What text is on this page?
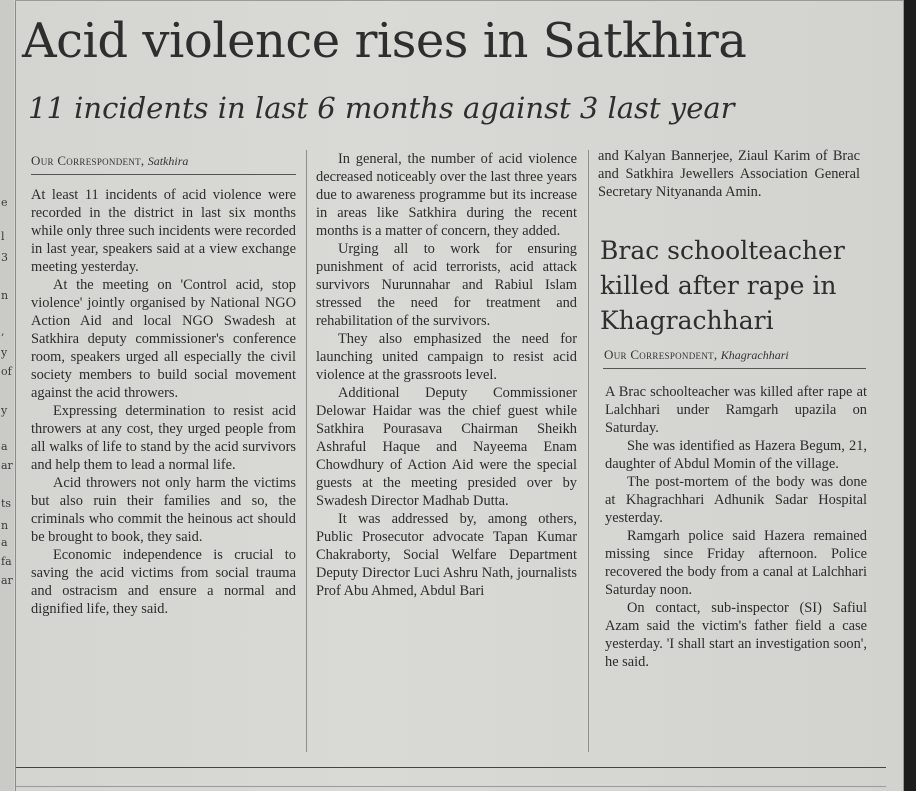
e
l
3
n
,
y
of
y
a
ar
ts
n
a
fa
ar
Acid violence rises in Satkhira
11 incidents in last 6 months against 3 last year
Our Correspondent, Satkhira

At least 11 incidents of acid violence were recorded in the district in last six months while only three such incidents were recorded in last year, speakers said at a view exchange meeting yesterday.

At the meeting on 'Control acid, stop violence' jointly organised by National NGO Action Aid and local NGO Swadesh at Satkhira deputy commissioner's conference room, speakers urged all especially the civil society members to build social movement against the acid throwers.

Expressing determination to resist acid throwers at any cost, they urged people from all walks of life to stand by the acid survivors and help them to lead a normal life.

Acid throwers not only harm the victims but also ruin their families and so, the criminals who commit the heinous act should be brought to book, they said.

Economic independence is crucial to saving the acid victims from social trauma and ostracism and ensure a normal and dignified life, they said.

In general, the number of acid violence decreased noticeably over the last three years due to awareness programme but its increase in areas like Satkhira during the recent months is a matter of concern, they added.

Urging all to work for ensuring punishment of acid terrorists, acid attack survivors Nurunnahar and Rabiul Islam stressed the need for treatment and rehabilitation of the survivors.

They also emphasized the need for launching united campaign to resist acid violence at the grassroots level.

Additional Deputy Commissioner Delowar Haidar was the chief guest while Satkhira Pourasava Chairman Sheikh Ashraful Haque and Nayeema Enam Chowdhury of Action Aid were the special guests at the meeting presided over by Swadesh Director Madhab Dutta.

It was addressed by, among others, Public Prosecutor advocate Tapan Kumar Chakraborty, Social Welfare Department Deputy Director Luci Ashru Nath, journalists Prof Abu Ahmed, Abdul Bari

and Kalyan Bannerjee, Ziaul Karim of Brac and Satkhira Jewellers Association General Secretary Nityananda Amin.

Brac schoolteacher killed after rape in Khagrachhari
Our Correspondent, Khagrachhari

A Brac schoolteacher was killed after rape at Lalchhari under Ramgarh upazila on Saturday.

She was identified as Hazera Begum, 21, daughter of Abdul Momin of the village.

The post-mortem of the body was done at Khagrachhari Adhunik Sadar Hospital yesterday.

Ramgarh police said Hazera remained missing since Friday afternoon. Police recovered the body from a canal at Lalchhari Saturday noon.

On contact, sub-inspector (SI) Safiul Azam said the victim's father field a case yesterday. 'I shall start an investigation soon', he said.
